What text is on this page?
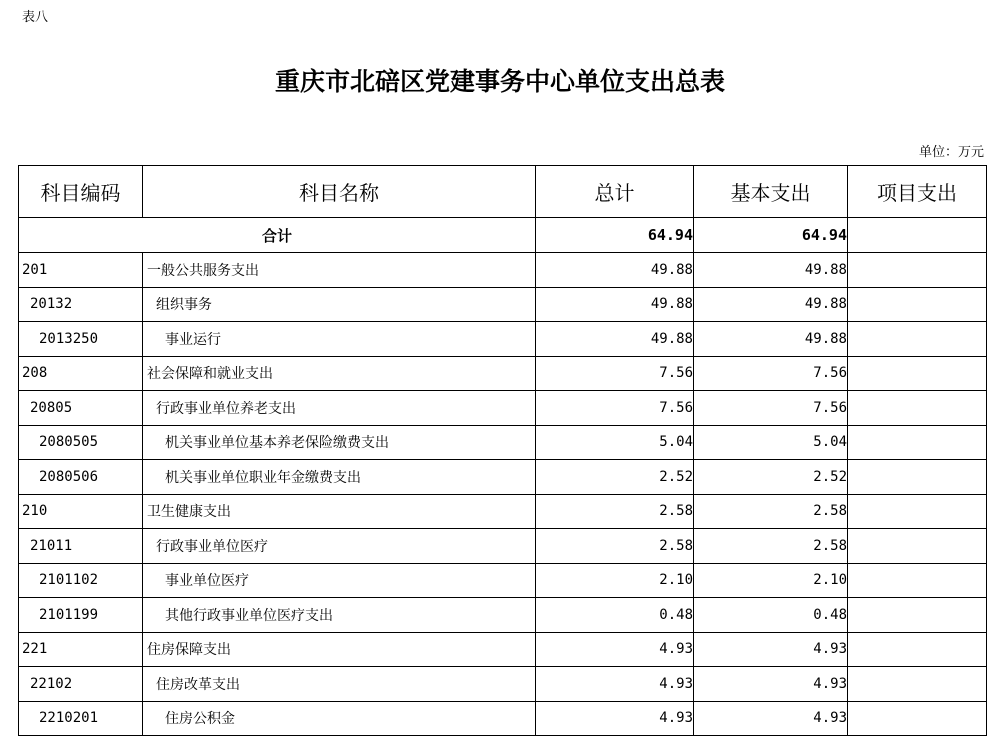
表八
重庆市北碚区党建事务中心单位支出总表
单位：万元
科目编码	科目名称	总计	基本支出	项目支出
合计		64.94	64.94	
201	一般公共服务支出	49.88	49.88	
20132	组织事务	49.88	49.88	
2013250	事业运行	49.88	49.88	
208	社会保障和就业支出	7.56	7.56	
20805	行政事业单位养老支出	7.56	7.56	
2080505	机关事业单位基本养老保险缴费支出	5.04	5.04	
2080506	机关事业单位职业年金缴费支出	2.52	2.52	
210	卫生健康支出	2.58	2.58	
21011	行政事业单位医疗	2.58	2.58	
2101102	事业单位医疗	2.10	2.10	
2101199	其他行政事业单位医疗支出	0.48	0.48	
221	住房保障支出	4.93	4.93	
22102	住房改革支出	4.93	4.93	
2210201	住房公积金	4.93	4.93	
